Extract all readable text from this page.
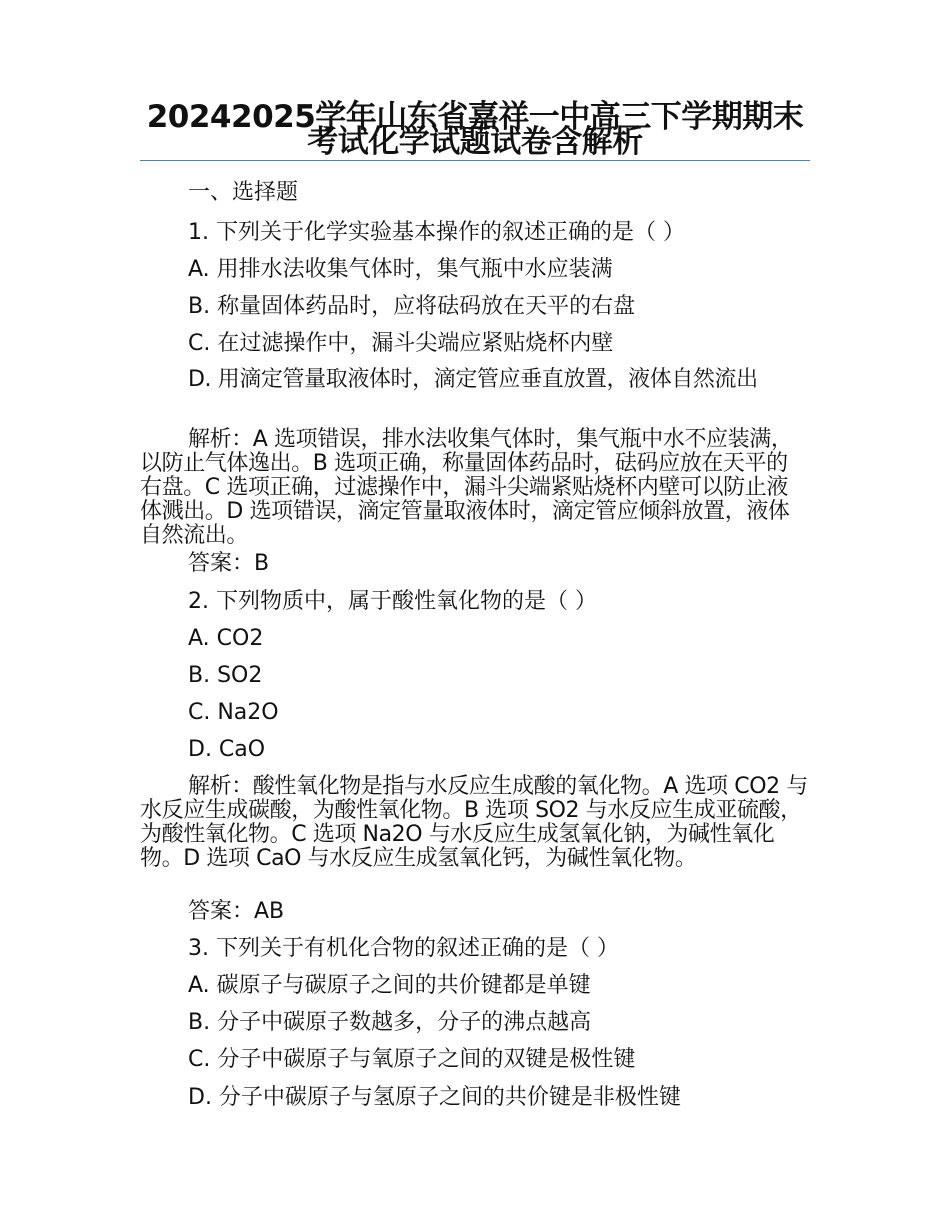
20242025学年山东省嘉祥一中高三下学期期末考试化学试题试卷含解析
一、选择题
1. 下列关于化学实验基本操作的叙述正确的是（ ）
A. 用排水法收集气体时，集气瓶中水应装满
B. 称量固体药品时，应将砝码放在天平的右盘
C. 在过滤操作中，漏斗尖端应紧贴烧杯内壁
D. 用滴定管量取液体时，滴定管应垂直放置，液体自然流出
解析：A 选项错误，排水法收集气体时，集气瓶中水不应装满，以防止气体逸出。B 选项正确，称量固体药品时，砝码应放在天平的右盘。C 选项正确，过滤操作中，漏斗尖端紧贴烧杯内壁可以防止液体溅出。D 选项错误，滴定管量取液体时，滴定管应倾斜放置，液体自然流出。
答案：B
2. 下列物质中，属于酸性氧化物的是（ ）
A. CO2
B. SO2
C. Na2O
D. CaO
解析：酸性氧化物是指与水反应生成酸的氧化物。A 选项 CO2 与水反应生成碳酸，为酸性氧化物。B 选项 SO2 与水反应生成亚硫酸，为酸性氧化物。C 选项 Na2O 与水反应生成氢氧化钠，为碱性氧化物。D 选项 CaO 与水反应生成氢氧化钙，为碱性氧化物。
答案：AB
3. 下列关于有机化合物的叙述正确的是（ ）
A. 碳原子与碳原子之间的共价键都是单键
B. 分子中碳原子数越多，分子的沸点越高
C. 分子中碳原子与氧原子之间的双键是极性键
D. 分子中碳原子与氢原子之间的共价键是非极性键
